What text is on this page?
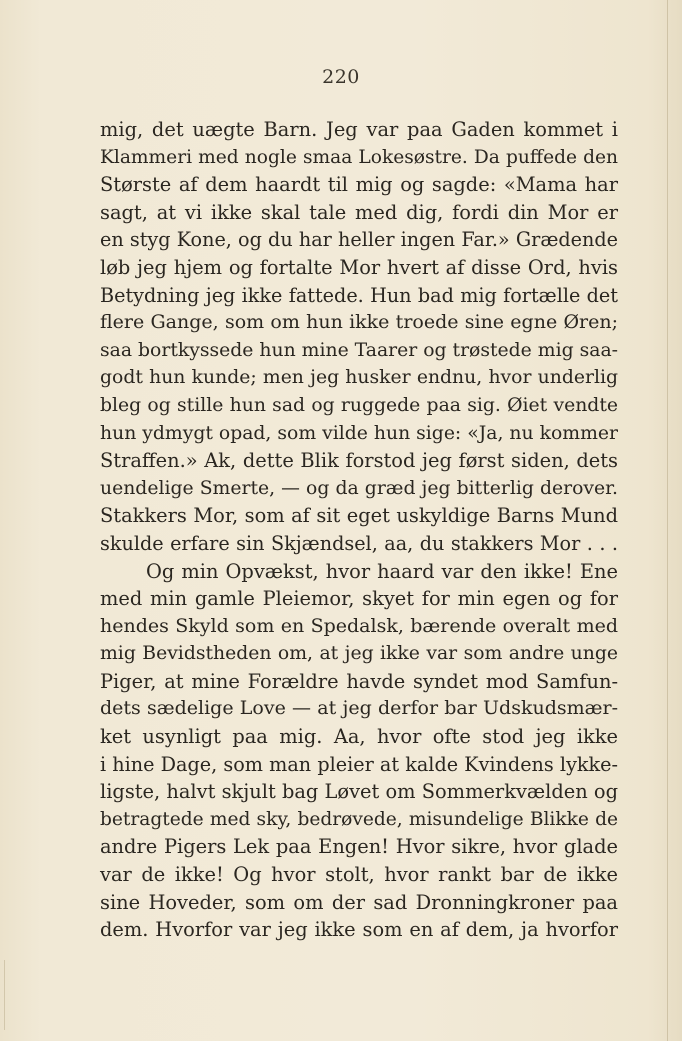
220
mig, det uægte Barn. Jeg var paa Gaden kommet i
Klammeri med nogle smaa Lokesøstre. Da puffede den
Største af dem haardt til mig og sagde: «Mama har
sagt, at vi ikke skal tale med dig, fordi din Mor er
en styg Kone, og du har heller ingen Far.» Grædende
løb jeg hjem og fortalte Mor hvert af disse Ord, hvis
Betydning jeg ikke fattede. Hun bad mig fortælle det
flere Gange, som om hun ikke troede sine egne Øren;
saa bortkyssede hun mine Taarer og trøstede mig saa-
godt hun kunde; men jeg husker endnu, hvor underlig
bleg og stille hun sad og ruggede paa sig. Øiet vendte
hun ydmygt opad, som vilde hun sige: «Ja, nu kommer
Straffen.» Ak, dette Blik forstod jeg først siden, dets
uendelige Smerte, — og da græd jeg bitterlig derover.
Stakkers Mor, som af sit eget uskyldige Barns Mund
skulde erfare sin Skjændsel, aa, du stakkers Mor . . .
Og min Opvækst, hvor haard var den ikke! Ene
med min gamle Pleiemor, skyet for min egen og for
hendes Skyld som en Spedalsk, bærende overalt med
mig Bevidstheden om, at jeg ikke var som andre unge
Piger, at mine Forældre havde syndet mod Samfun-
dets sædelige Love — at jeg derfor bar Udskudsmær-
ket usynligt paa mig. Aa, hvor ofte stod jeg ikke
i hine Dage, som man pleier at kalde Kvindens lykke-
ligste, halvt skjult bag Løvet om Sommerkvælden og
betragtede med sky, bedrøvede, misundelige Blikke de
andre Pigers Lek paa Engen! Hvor sikre, hvor glade
var de ikke! Og hvor stolt, hvor rankt bar de ikke
sine Hoveder, som om der sad Dronningkroner paa
dem. Hvorfor var jeg ikke som en af dem, ja hvorfor
